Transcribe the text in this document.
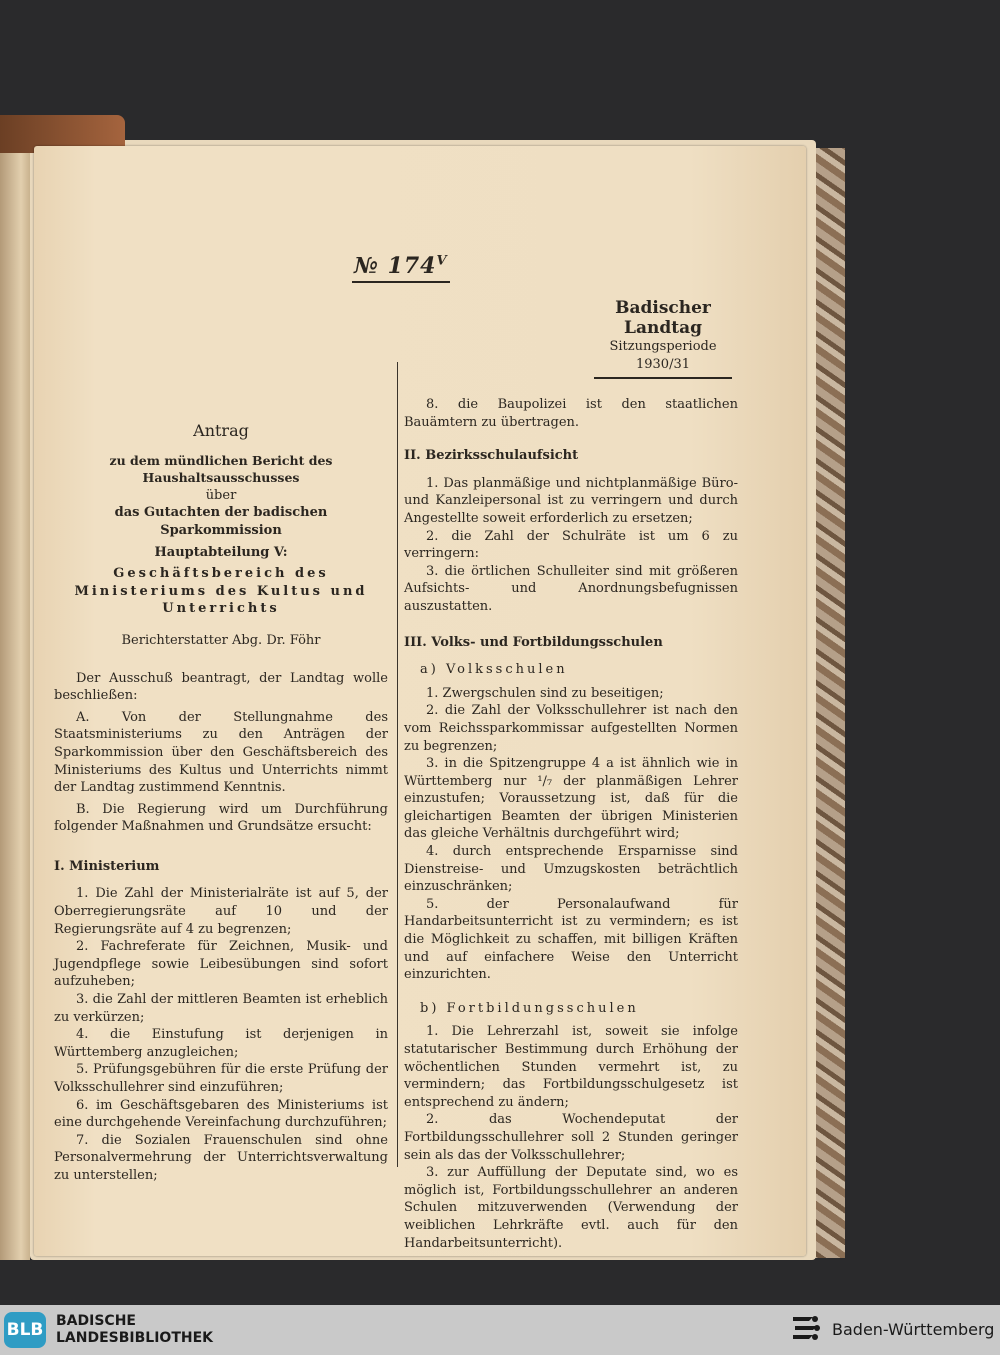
№ $174^V$
Badischer Landtag
Sitzungsperiode
1930/31
Antrag
zu dem mündlichen Bericht des Haushaltsausschusses
über
das Gutachten der badischen Sparkommission
Hauptabteilung V:
Geschäftsbereich des Ministeriums des Kultus und Unterrichts
Berichterstatter Abg. Dr. Föhr

Der Ausschuß beantragt, der Landtag wolle beschließen:

A. Von der Stellungnahme des Staatsministeriums zu den Anträgen der Sparkommission über den Geschäftsbereich des Ministeriums des Kultus und Unterrichts nimmt der Landtag zustimmend Kenntnis.

B. Die Regierung wird um Durchführung folgender Maßnahmen und Grundsätze ersucht:

I. Ministerium

1. Die Zahl der Ministerialräte ist auf 5, der Oberregierungsräte auf 10 und der Regierungsräte auf 4 zu begrenzen;

2. Fachreferate für Zeichnen, Musik- und Jugendpflege sowie Leibesübungen sind sofort aufzuheben;

3. die Zahl der mittleren Beamten ist erheblich zu verkürzen;

4. die Einstufung ist derjenigen in Württemberg anzugleichen;

5. Prüfungsgebühren für die erste Prüfung der Volksschullehrer sind einzuführen;

6. im Geschäftsgebaren des Ministeriums ist eine durchgehende Vereinfachung durchzuführen;

7. die Sozialen Frauenschulen sind ohne Personalvermehrung der Unterrichtsverwaltung zu unterstellen;

8. die Baupolizei ist den staatlichen Bauämtern zu übertragen.

II. Bezirksschulaufsicht

1. Das planmäßige und nichtplanmäßige Büro- und Kanzleipersonal ist zu verringern und durch Angestellte soweit erforderlich zu ersetzen;

2. die Zahl der Schulräte ist um 6 zu verringern:

3. die örtlichen Schulleiter sind mit größeren Aufsichts- und Anordnungsbefugnissen auszustatten.

III. Volks- und Fortbildungsschulen
a) Volksschulen

1. Zwergschulen sind zu beseitigen;

2. die Zahl der Volksschullehrer ist nach den vom Reichssparkommissar aufgestellten Normen zu begrenzen;

3. in die Spitzengruppe 4 a ist ähnlich wie in Württemberg nur ¹/₇ der planmäßigen Lehrer einzustufen; Voraussetzung ist, daß für die gleichartigen Beamten der übrigen Ministerien das gleiche Verhältnis durchgeführt wird;

4. durch entsprechende Ersparnisse sind Dienstreise- und Umzugskosten beträchtlich einzuschränken;

5. der Personalaufwand für Handarbeitsunterricht ist zu vermindern; es ist die Möglichkeit zu schaffen, mit billigen Kräften und auf einfachere Weise den Unterricht einzurichten.

b) Fortbildungsschulen

1. Die Lehrerzahl ist, soweit sie infolge statutarischer Bestimmung durch Erhöhung der wöchentlichen Stunden vermehrt ist, zu vermindern; das Fortbildungsschulgesetz ist entsprechend zu ändern;

2. das Wochendeputat der Fortbildungsschullehrer soll 2 Stunden geringer sein als das der Volksschullehrer;

3. zur Auffüllung der Deputate sind, wo es möglich ist, Fortbildungsschullehrer an anderen Schulen mitzuverwenden (Verwendung der weiblichen Lehrkräfte evtl. auch für den Handarbeitsunterricht).

BLB BADISCHE
LANDESBIBLIOTHEK	Baden-Württemberg
